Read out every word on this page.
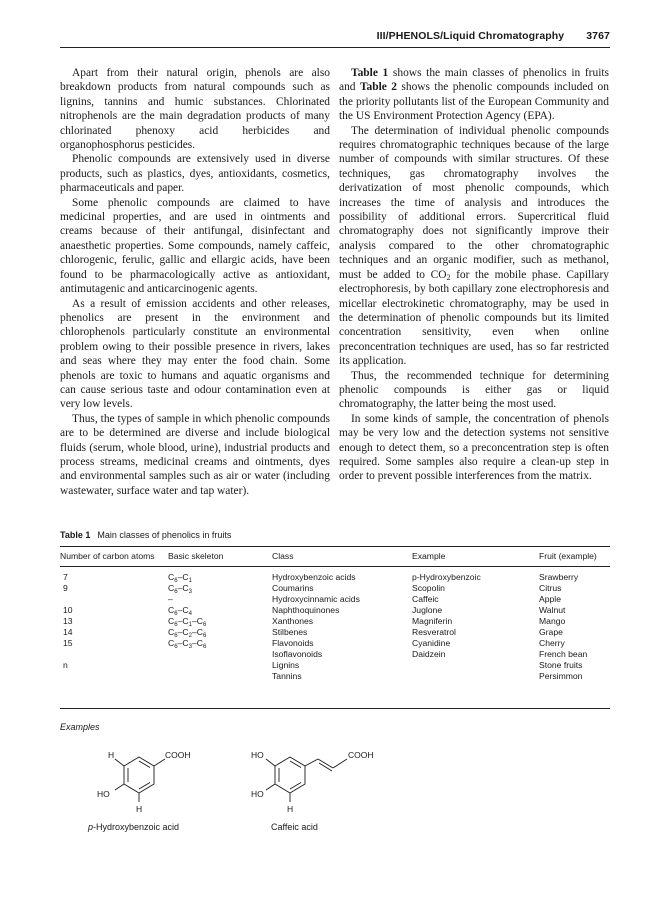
III/PHENOLS/Liquid Chromatography 3767

Apart from their natural origin, phenols are also breakdown products from natural compounds such as lignins, tannins and humic substances. Chlorinated nitrophenols are the main degradation products of many chlorinated phenoxy acid herbicides and organophosphorus pesticides.

Phenolic compounds are extensively used in diverse products, such as plastics, dyes, antioxidants, cosmetics, pharmaceuticals and paper.

Some phenolic compounds are claimed to have medicinal properties, and are used in ointments and creams because of their antifungal, disinfectant and anaesthetic properties. Some compounds, namely caffeic, chlorogenic, ferulic, gallic and ellargic acids, have been found to be pharmacologically active as antioxidant, antimutagenic and anticarcinogenic agents.

As a result of emission accidents and other releases, phenolics are present in the environment and chlorophenols particularly constitute an environmental problem owing to their possible presence in rivers, lakes and seas where they may enter the food chain. Some phenols are toxic to humans and aquatic organisms and can cause serious taste and odour contamination even at very low levels.

Thus, the types of sample in which phenolic compounds are to be determined are diverse and include biological fluids (serum, whole blood, urine), industrial products and process streams, medicinal creams and ointments, dyes and environmental samples such as air or water (including wastewater, surface water and tap water).

Table 1 shows the main classes of phenolics in fruits and Table 2 shows the phenolic compounds included on the priority pollutants list of the European Community and the US Environment Protection Agency (EPA).

The determination of individual phenolic compounds requires chromatographic techniques because of the large number of compounds with similar structures. Of these techniques, gas chromatography involves the derivatization of most phenolic compounds, which increases the time of analysis and introduces the possibility of additional errors. Supercritical fluid chromatography does not significantly improve their analysis compared to the other chromatographic techniques and an organic modifier, such as methanol, must be added to $CO_2$ for the mobile phase. Capillary electrophoresis, by both capillary zone electrophoresis and micellar electrokinetic chromatography, may be used in the determination of phenolic compounds but its limited concentration sensitivity, even when online preconcentration techniques are used, has so far restricted its application.

Thus, the recommended technique for determining phenolic compounds is either gas or liquid chromatography, the latter being the most used.

In some kinds of sample, the concentration of phenols may be very low and the detection systems not sensitive enough to detect them, so a preconcentration step is often required. Some samples also require a clean-up step in order to prevent possible interferences from the matrix.

Table 1 Main classes of phenolics in fruits
Number of carbon atoms	Basic skeleton	Class	Example	Fruit (example)
7	$C_6-C_1$	Hydroxybenzoic acids	p-Hydroxybenzoic	Srawberry
9	$C_6-C_3$	Coumarins	Scopolin	Citrus
	–	Hydroxycinnamic acids	Caffeic	Apple
10	$C_6-C_4$	Naphthoquinones	Juglone	Walnut
13	$C_6-C_1-C_6$	Xanthones	Magniferin	Mango
14	$C_6-C_2-C_6$	Stilbenes	Resveratrol	Grape
15	$C_6-C_3-C_6$	Flavonoids	Cyanidine	Cherry
		Isoflavonoids	Daidzein	French bean
n		Lignins		Stone fruits
		Tannins		Persimmon
Examples
H	COOH
HO
H
p-Hydroxybenzoic acid
HO	COOH
HO
H
Caffeic acid
